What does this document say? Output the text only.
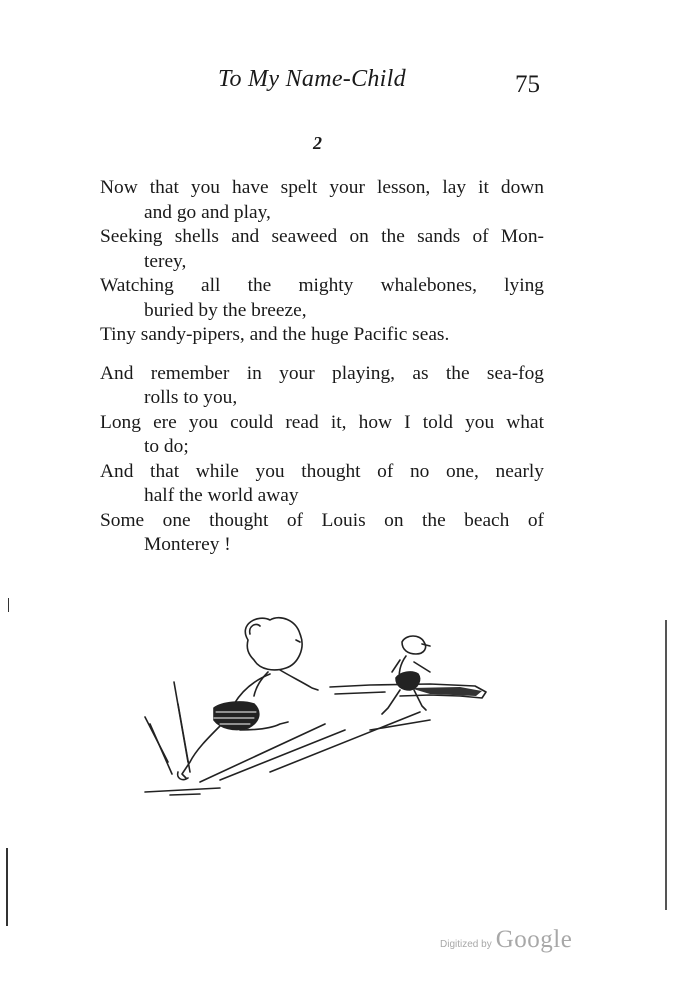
To My Name-Child	75
2
Now that you have spelt your lesson, lay it down
and go and play,
Seeking shells and seaweed on the sands of Mon-
terey,
Watching all the mighty whalebones, lying
buried by the breeze,
Tiny sandy-pipers, and the huge Pacific seas.
And remember in your playing, as the sea-fog
rolls to you,
Long ere you could read it, how I told you what
to do;
And that while you thought of no one, nearly
half the world away
Some one thought of Louis on the beach of
Monterey !
Digitized by Google
